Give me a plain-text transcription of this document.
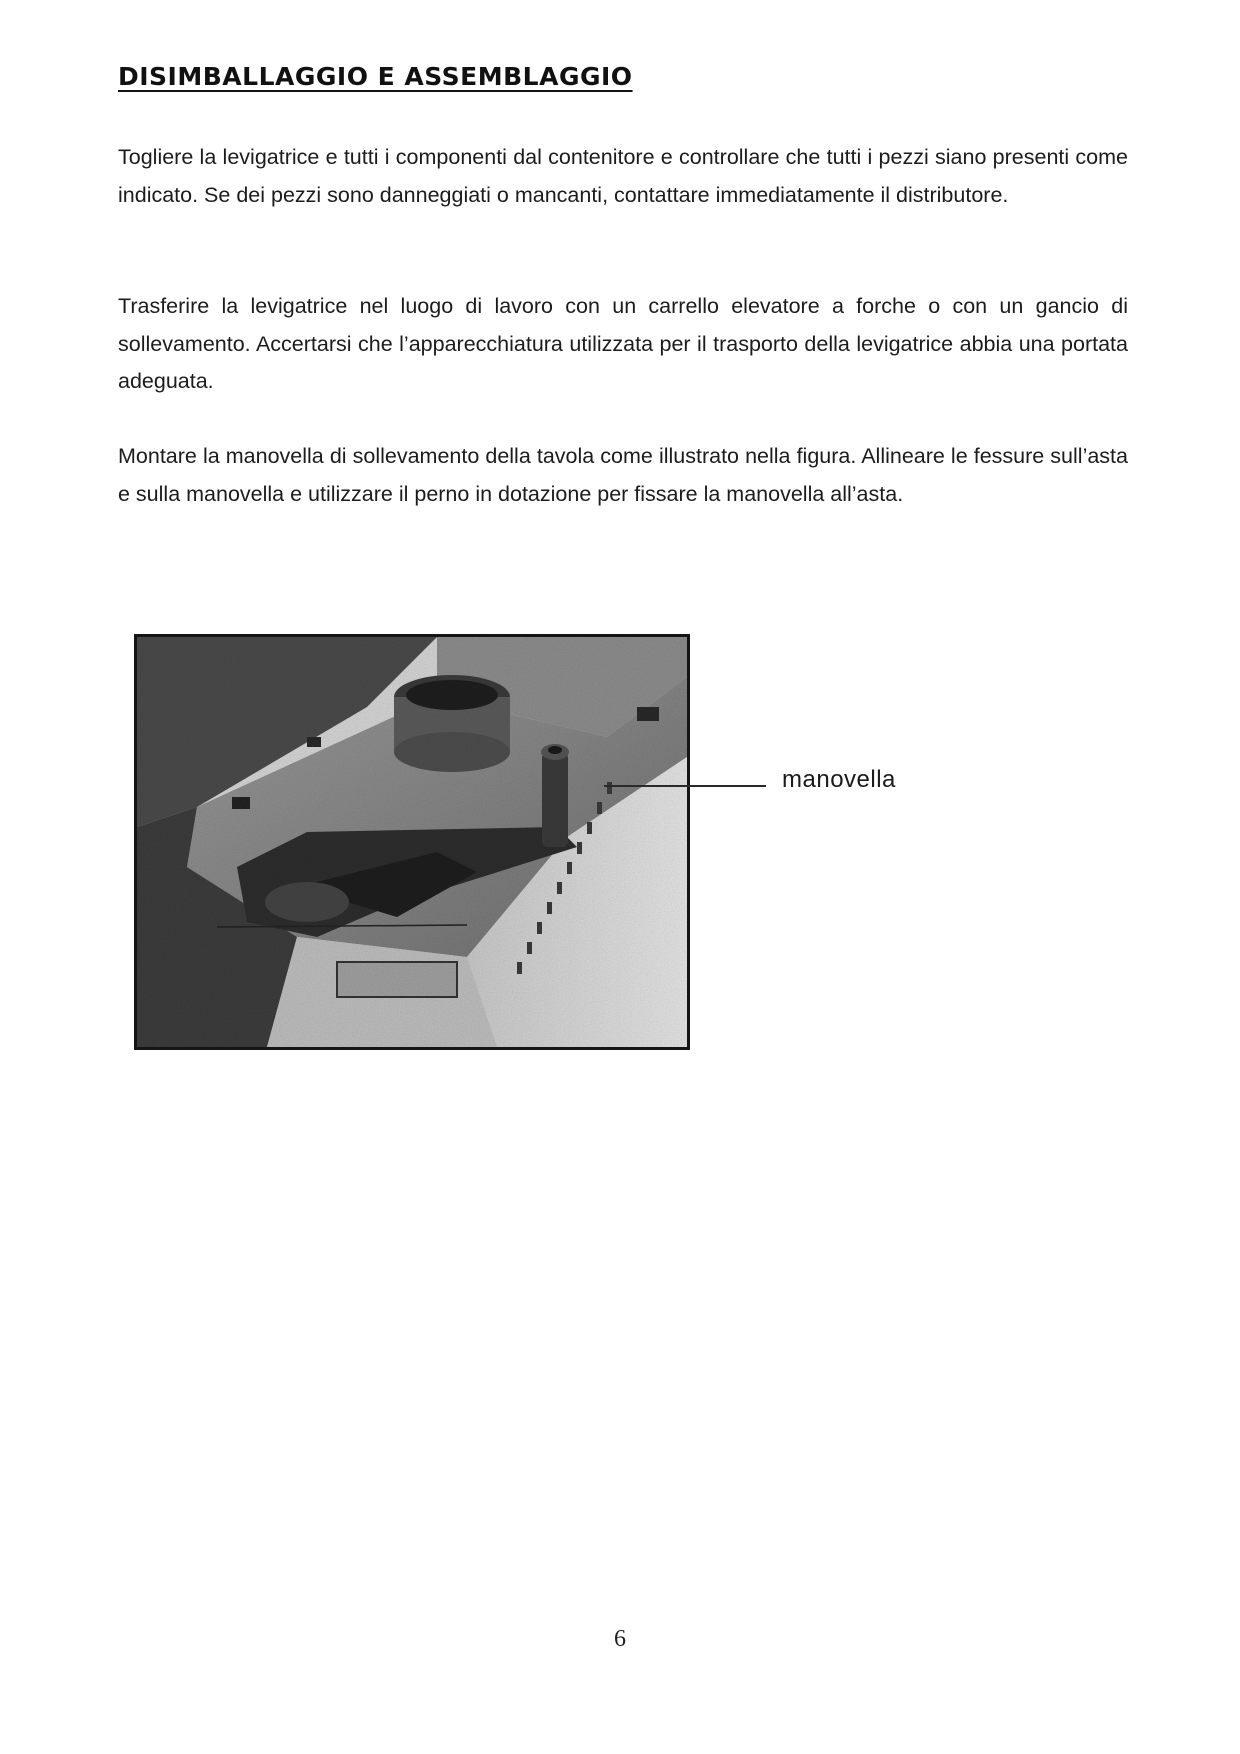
DISIMBALLAGGIO E ASSEMBLAGGIO

Togliere la levigatrice e tutti i componenti dal contenitore e controllare che tutti i pezzi siano presenti come indicato. Se dei pezzi sono danneggiati o mancanti, contattare immediatamente il distributore.

Trasferire la levigatrice nel luogo di lavoro con un carrello elevatore a forche o con un gancio di sollevamento. Accertarsi che l’apparecchiatura utilizzata per il trasporto della levigatrice abbia una portata adeguata.

Montare la manovella di sollevamento della tavola come illustrato nella figura. Allineare le fessure sull’asta e sulla manovella e utilizzare il perno in dotazione per fissare la manovella all’asta.

manovella
6
